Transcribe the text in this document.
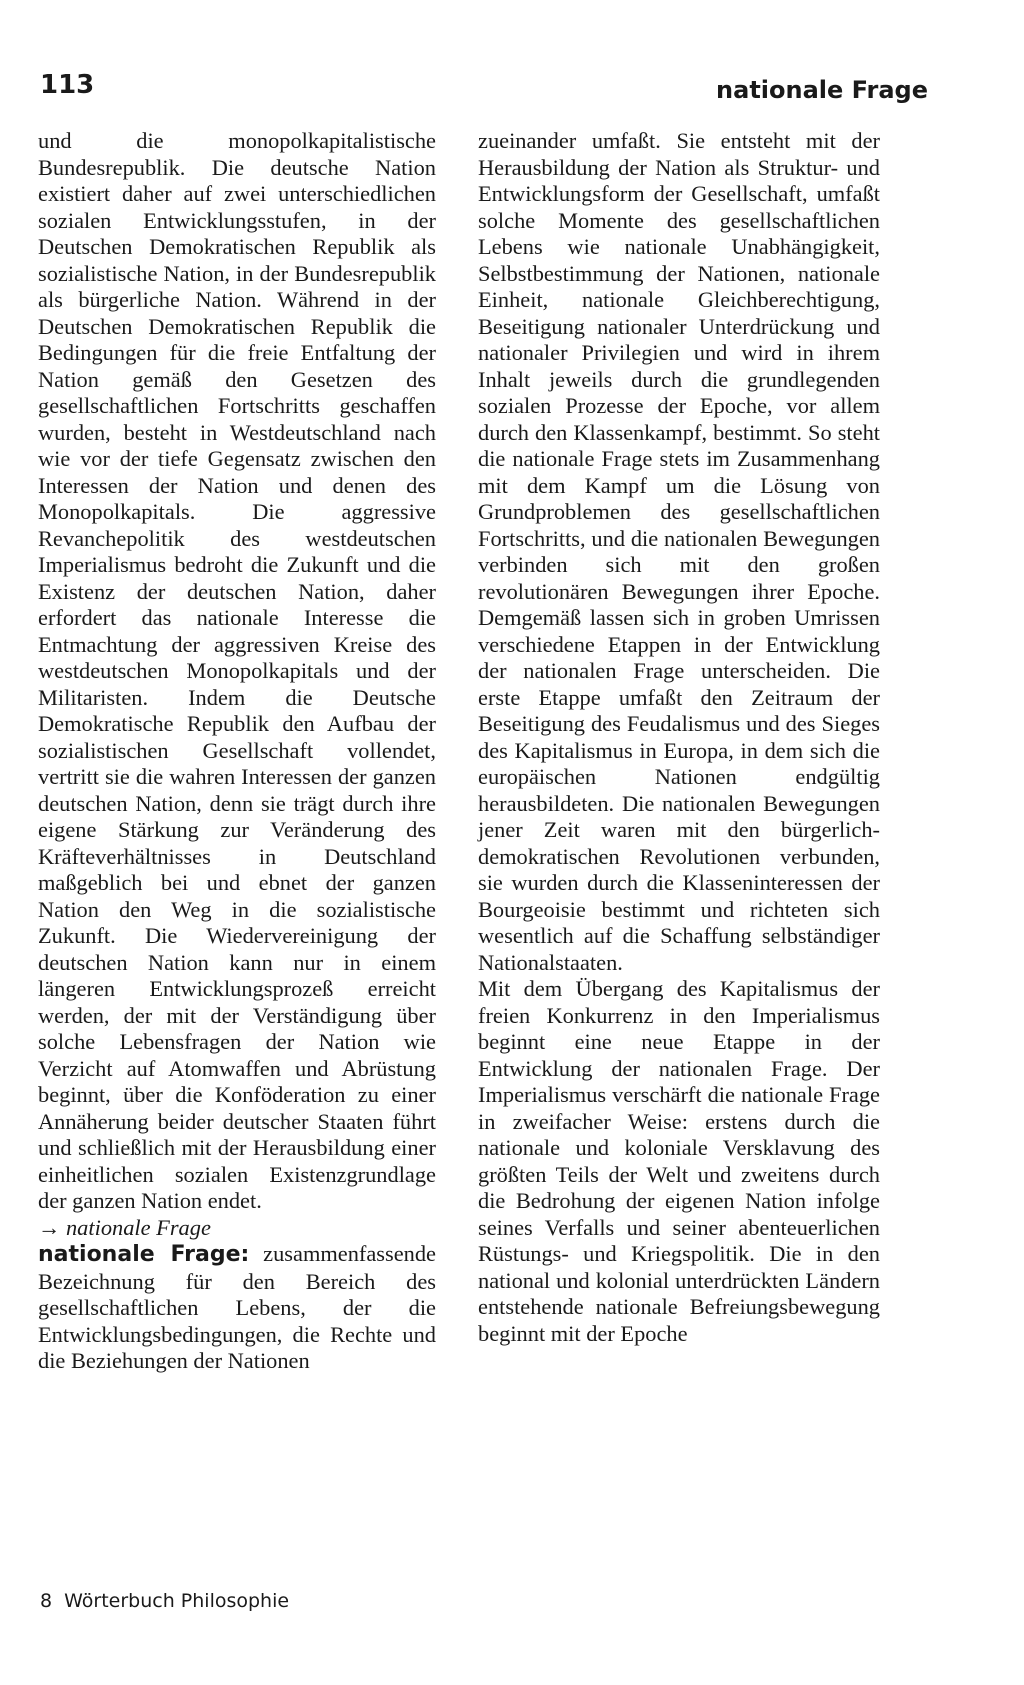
113	nationale Frage

und die monopolkapitalistische Bundesrepublik. Die deutsche Nation existiert daher auf zwei unterschiedlichen sozialen Entwicklungsstufen, in der Deutschen Demokratischen Republik als sozialistische Nation, in der Bundesrepublik als bürgerliche Nation. Während in der Deutschen Demokratischen Republik die Bedingungen für die freie Entfaltung der Nation gemäß den Gesetzen des gesellschaftlichen Fortschritts geschaffen wurden, besteht in Westdeutschland nach wie vor der tiefe Gegensatz zwischen den Interessen der Nation und denen des Monopolkapitals. Die aggressive Revanchepolitik des westdeutschen Imperialismus bedroht die Zukunft und die Existenz der deutschen Nation, daher erfordert das nationale Interesse die Entmachtung der aggressiven Kreise des westdeutschen Monopolkapitals und der Militaristen. Indem die Deutsche Demokratische Republik den Aufbau der sozialistischen Gesellschaft vollendet, vertritt sie die wahren Interessen der ganzen deutschen Nation, denn sie trägt durch ihre eigene Stärkung zur Veränderung des Kräfteverhältnisses in Deutschland maßgeblich bei und ebnet der ganzen Nation den Weg in die sozialistische Zukunft. Die Wiedervereinigung der deutschen Nation kann nur in einem längeren Entwicklungsprozeß erreicht werden, der mit der Verständigung über solche Lebensfragen der Nation wie Verzicht auf Atomwaffen und Abrüstung beginnt, über die Konföderation zu einer Annäherung beider deutscher Staaten führt und schließlich mit der Herausbildung einer einheitlichen sozialen Existenzgrundlage der ganzen Nation endet.

→ nationale Frage

nationale Frage: zusammenfassende Bezeichnung für den Bereich des gesellschaftlichen Lebens, der die Entwicklungsbedingungen, die Rechte und die Beziehungen der Nationen

zueinander umfaßt. Sie entsteht mit der Herausbildung der Nation als Struktur- und Entwicklungsform der Gesellschaft, umfaßt solche Momente des gesellschaftlichen Lebens wie nationale Unabhängigkeit, Selbstbestimmung der Nationen, nationale Einheit, nationale Gleichberechtigung, Beseitigung nationaler Unterdrückung und nationaler Privilegien und wird in ihrem Inhalt jeweils durch die grundlegenden sozialen Prozesse der Epoche, vor allem durch den Klassenkampf, bestimmt. So steht die nationale Frage stets im Zusammenhang mit dem Kampf um die Lösung von Grundproblemen des gesellschaftlichen Fortschritts, und die nationalen Bewegungen verbinden sich mit den großen revolutionären Bewegungen ihrer Epoche. Demgemäß lassen sich in groben Umrissen verschiedene Etappen in der Entwicklung der nationalen Frage unterscheiden. Die erste Etappe umfaßt den Zeitraum der Beseitigung des Feudalismus und des Sieges des Kapitalismus in Europa, in dem sich die europäischen Nationen endgültig herausbildeten. Die nationalen Bewegungen jener Zeit waren mit den bürgerlich-demokratischen Revolutionen verbunden, sie wurden durch die Klasseninteressen der Bourgeoisie bestimmt und richteten sich wesentlich auf die Schaffung selbständiger Nationalstaaten.

Mit dem Übergang des Kapitalismus der freien Konkurrenz in den Imperialismus beginnt eine neue Etappe in der Entwicklung der nationalen Frage. Der Imperialismus verschärft die nationale Frage in zweifacher Weise: erstens durch die nationale und koloniale Versklavung des größten Teils der Welt und zweitens durch die Bedrohung der eigenen Nation infolge seines Verfalls und seiner abenteuerlichen Rüstungs- und Kriegspolitik. Die in den national und kolonial unterdrückten Ländern entstehende nationale Befreiungsbewegung beginnt mit der Epoche

8 Wörterbuch Philosophie
